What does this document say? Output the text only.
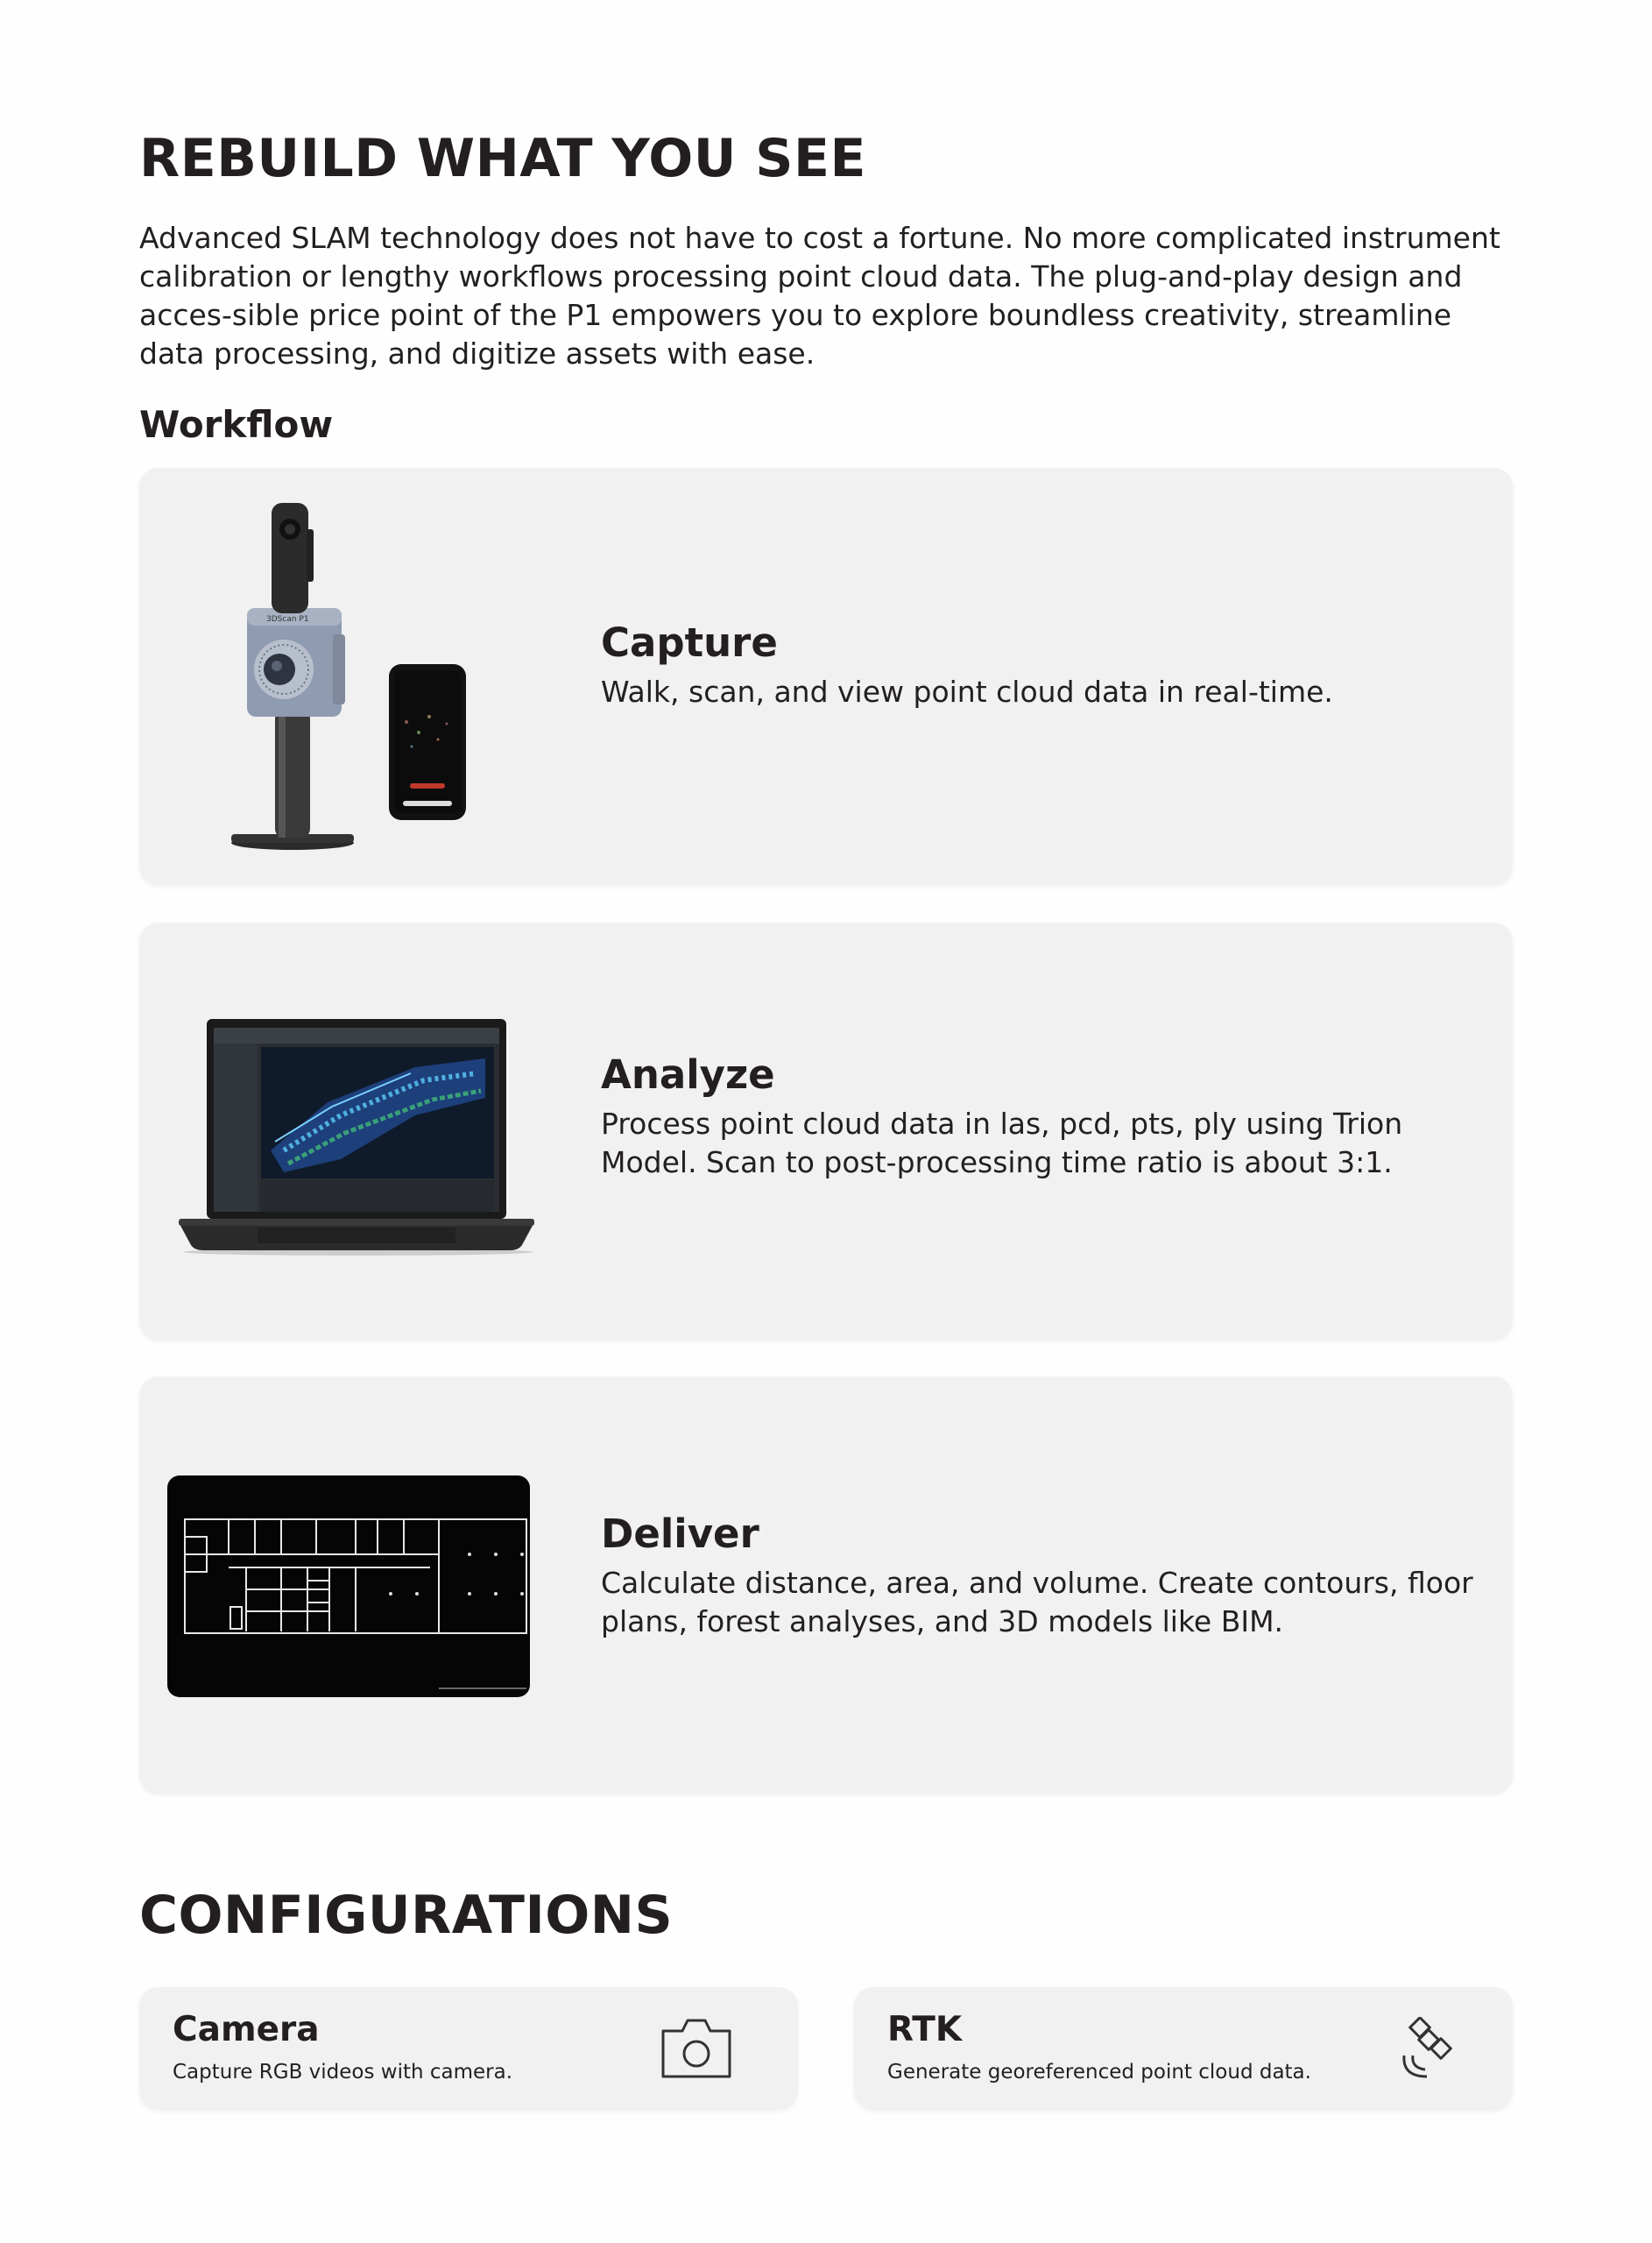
REBUILD WHAT YOU SEE

Advanced SLAM technology does not have to cost a fortune. No more complicated instrument calibration or lengthy workflows processing point cloud data. The plug-and-play design and acces-sible price point of the P1 empowers you to explore boundless creativity, streamline data processing, and digitize assets with ease.

Workflow
3DScan P1	Capture

Walk, scan, and view point cloud data in real-time.

Analyze

Process point cloud data in las, pcd, pts, ply using Trion Model. Scan to post-processing time ratio is about 3:1.

Deliver

Calculate distance, area, and volume. Create contours, floor plans, forest analyses, and 3D models like BIM.

CONFIGURATIONS

Camera

Capture RGB videos with camera.

RTK

Generate georeferenced point cloud data.
